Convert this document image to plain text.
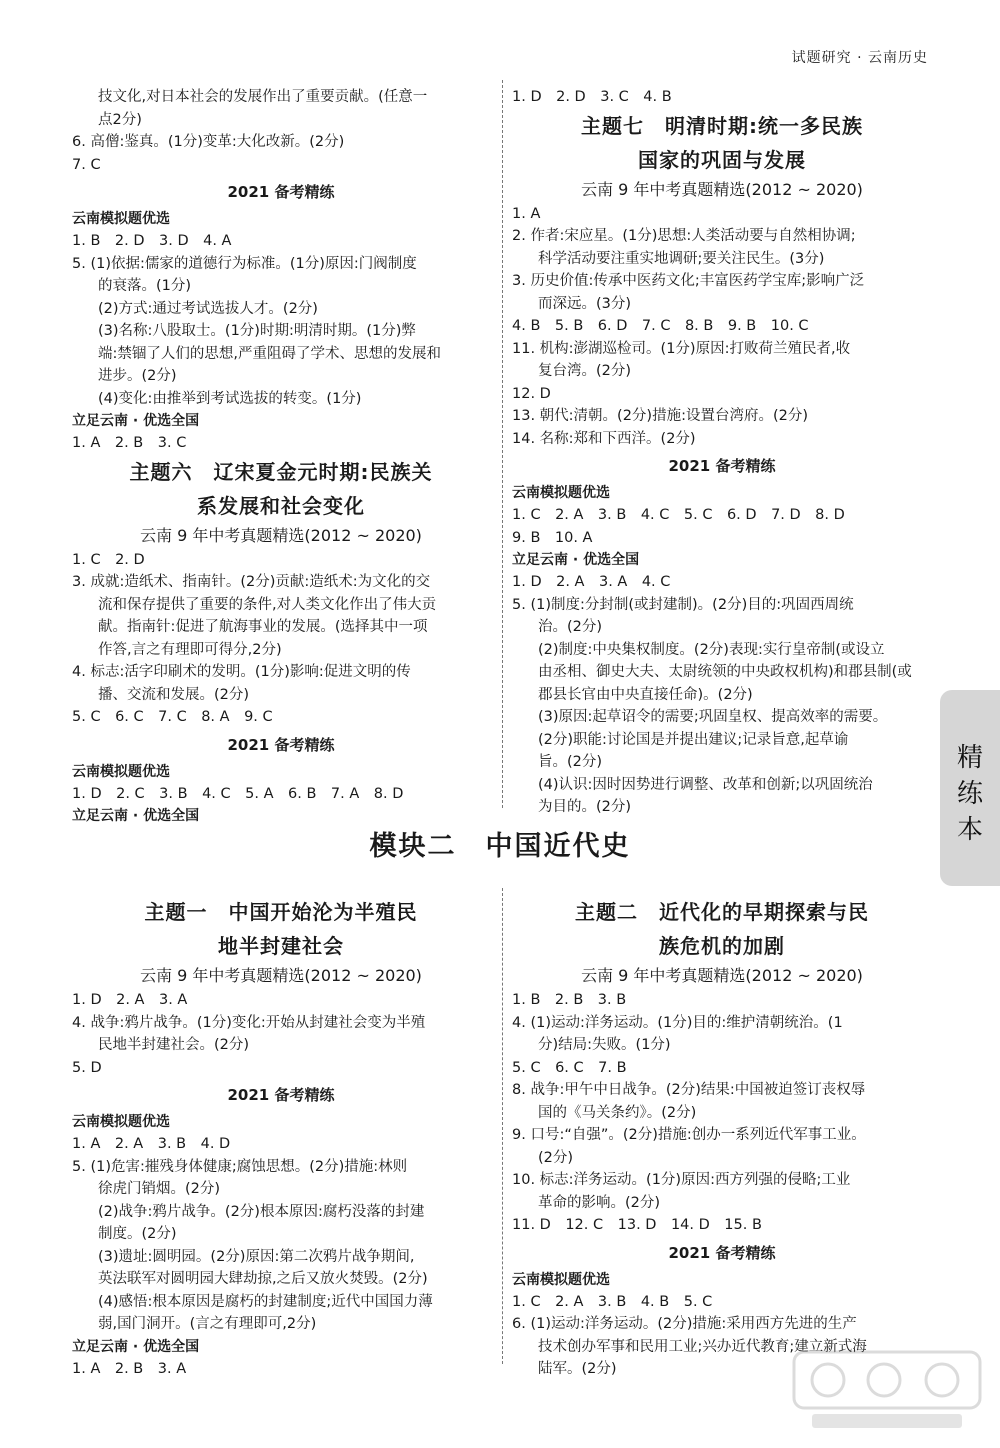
试题研究 · 云南历史
技文化,对日本社会的发展作出了重要贡献。(任意一
点2分)
6. 高僧:鉴真。(1分)变革:大化改新。(2分)
7. C
2021 备考精练
云南模拟题优选
1. B　2. D　3. D　4. A
5. (1)依据:儒家的道德行为标准。(1分)原因:门阀制度
的衰落。(1分)
(2)方式:通过考试选拔人才。(2分)
(3)名称:八股取士。(1分)时期:明清时期。(1分)弊
端:禁锢了人们的思想,严重阻碍了学术、思想的发展和
进步。(2分)
(4)变化:由推举到考试选拔的转变。(1分)
立足云南 · 优选全国
1. A　2. B　3. C
主题六　辽宋夏金元时期:民族关
系发展和社会变化
云南 9 年中考真题精选(2012 ~ 2020)
1. C　2. D
3. 成就:造纸术、指南针。(2分)贡献:造纸术:为文化的交
流和保存提供了重要的条件,对人类文化作出了伟大贡
献。指南针:促进了航海事业的发展。(选择其中一项
作答,言之有理即可得分,2分)
4. 标志:活字印刷术的发明。(1分)影响:促进文明的传
播、交流和发展。(2分)
5. C　6. C　7. C　8. A　9. C
2021 备考精练
云南模拟题优选
1. D　2. C　3. B　4. C　5. A　6. B　7. A　8. D
立足云南 · 优选全国
1. D　2. D　3. C　4. B
主题七　明清时期:统一多民族
国家的巩固与发展
云南 9 年中考真题精选(2012 ~ 2020)
1. A
2. 作者:宋应星。(1分)思想:人类活动要与自然相协调;
科学活动要注重实地调研;要关注民生。(3分)
3. 历史价值:传承中医药文化;丰富医药学宝库;影响广泛
而深远。(3分)
4. B　5. B　6. D　7. C　8. B　9. B　10. C
11. 机构:澎湖巡检司。(1分)原因:打败荷兰殖民者,收
复台湾。(2分)
12. D
13. 朝代:清朝。(2分)措施:设置台湾府。(2分)
14. 名称:郑和下西洋。(2分)
2021 备考精练
云南模拟题优选
1. C　2. A　3. B　4. C　5. C　6. D　7. D　8. D
9. B　10. A
立足云南 · 优选全国
1. D　2. A　3. A　4. C
5. (1)制度:分封制(或封建制)。(2分)目的:巩固西周统
治。(2分)
(2)制度:中央集权制度。(2分)表现:实行皇帝制(或设立
由丞相、御史大夫、太尉统领的中央政权机构)和郡县制(或
郡县长官由中央直接任命)。(2分)
(3)原因:起草诏令的需要;巩固皇权、提高效率的需要。
(2分)职能:讨论国是并提出建议;记录旨意,起草谕
旨。(2分)
(4)认识:因时因势进行调整、改革和创新;以巩固统治
为目的。(2分)
模块二　中国近代史
主题一　中国开始沦为半殖民
地半封建社会
云南 9 年中考真题精选(2012 ~ 2020)
1. D　2. A　3. A
4. 战争:鸦片战争。(1分)变化:开始从封建社会变为半殖
民地半封建社会。(2分)
5. D
2021 备考精练
云南模拟题优选
1. A　2. A　3. B　4. D
5. (1)危害:摧残身体健康;腐蚀思想。(2分)措施:林则
徐虎门销烟。(2分)
(2)战争:鸦片战争。(2分)根本原因:腐朽没落的封建
制度。(2分)
(3)遗址:圆明园。(2分)原因:第二次鸦片战争期间,
英法联军对圆明园大肆劫掠,之后又放火焚毁。(2分)
(4)感悟:根本原因是腐朽的封建制度;近代中国国力薄
弱,国门洞开。(言之有理即可,2分)
立足云南 · 优选全国
1. A　2. B　3. A
主题二　近代化的早期探索与民
族危机的加剧
云南 9 年中考真题精选(2012 ~ 2020)
1. B　2. B　3. B
4. (1)运动:洋务运动。(1分)目的:维护清朝统治。(1
分)结局:失败。(1分)
5. C　6. C　7. B
8. 战争:甲午中日战争。(2分)结果:中国被迫签订丧权辱
国的《马关条约》。(2分)
9. 口号:“自强”。(2分)措施:创办一系列近代军事工业。
(2分)
10. 标志:洋务运动。(1分)原因:西方列强的侵略;工业
革命的影响。(2分)
11. D　12. C　13. D　14. D　15. B
2021 备考精练
云南模拟题优选
1. C　2. A　3. B　4. B　5. C
6. (1)运动:洋务运动。(2分)措施:采用西方先进的生产
技术创办军事和民用工业;兴办近代教育;建立新式海
陆军。(2分)
精练本
